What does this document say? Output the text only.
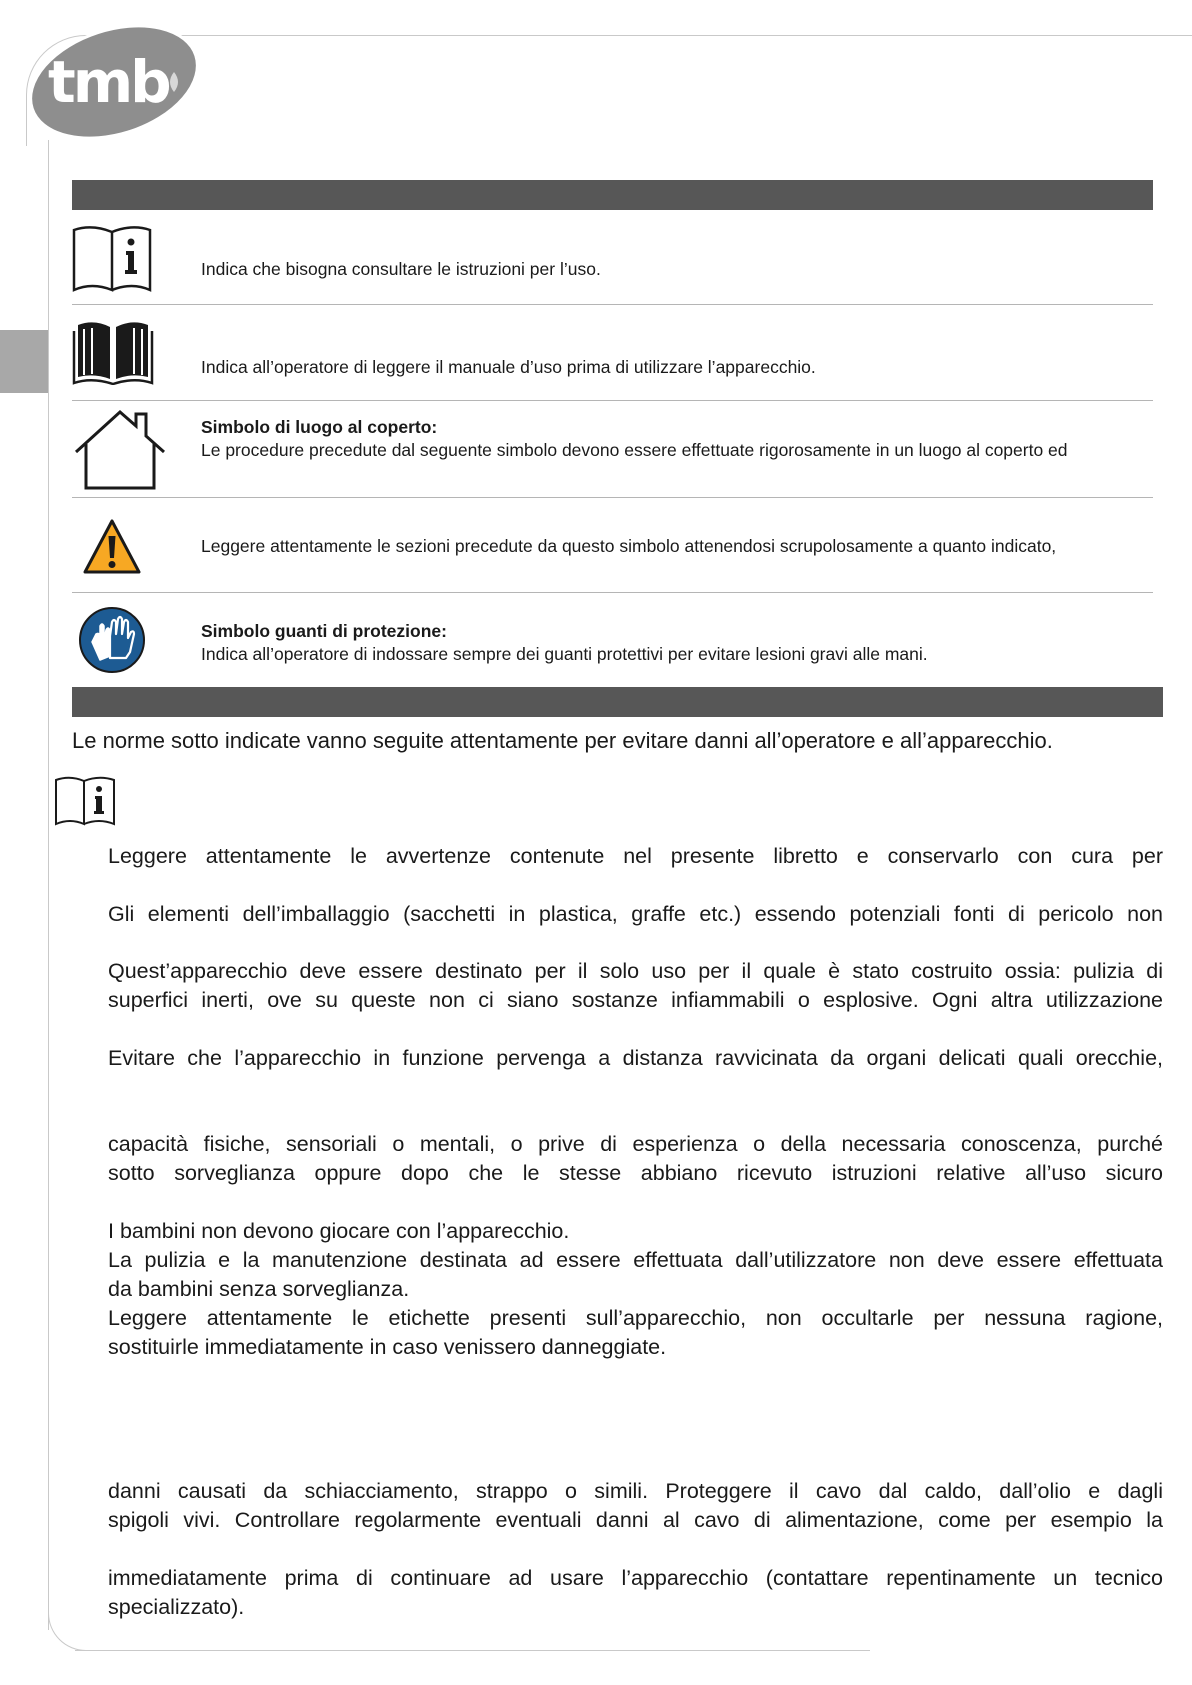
tmb
Indica che bisogna consultare le istruzioni per l’uso.
Indica all’operatore di leggere il manuale d’uso prima di utilizzare l’apparecchio.
Simbolo di luogo al coperto:
Le procedure precedute dal seguente simbolo devono essere effettuate rigorosamente in un luogo al coperto ed
Leggere attentamente le sezioni precedute da questo simbolo attenendosi scrupolosamente a quanto indicato,
Simbolo guanti di protezione:
Indica all’operatore di indossare sempre dei guanti protettivi per evitare lesioni gravi alle mani.
Le norme sotto indicate vanno seguite attentamente per evitare danni all’operatore e all’apparecchio.
Leggere attentamente le avvertenze contenute nel presente libretto e conservarlo con cura per
Gli elementi dell’imballaggio (sacchetti in plastica, graffe etc.) essendo potenziali fonti di pericolo non
Quest’apparecchio deve essere destinato per il solo uso per il quale è stato costruito ossia: pulizia di
superfici inerti, ove su queste non ci siano sostanze infiammabili o esplosive. Ogni altra utilizzazione
Evitare che l’apparecchio in funzione pervenga a distanza ravvicinata da organi delicati quali orecchie,
capacità fisiche, sensoriali o mentali, o prive di esperienza o della necessaria conoscenza, purché
sotto sorveglianza oppure dopo che le stesse abbiano ricevuto istruzioni relative all’uso sicuro
I bambini non devono giocare con l’apparecchio.
La pulizia e la manutenzione destinata ad essere effettuata dall’utilizzatore non deve essere effettuata
da bambini senza sorveglianza.
Leggere attentamente le etichette presenti sull’apparecchio, non occultarle per nessuna ragione,
sostituirle immediatamente in caso venissero danneggiate.
danni causati da schiacciamento, strappo o simili. Proteggere il cavo dal caldo, dall’olio e dagli
spigoli vivi. Controllare regolarmente eventuali danni al cavo di alimentazione, come per esempio la
immediatamente prima di continuare ad usare l’apparecchio (contattare repentinamente un tecnico
specializzato).
